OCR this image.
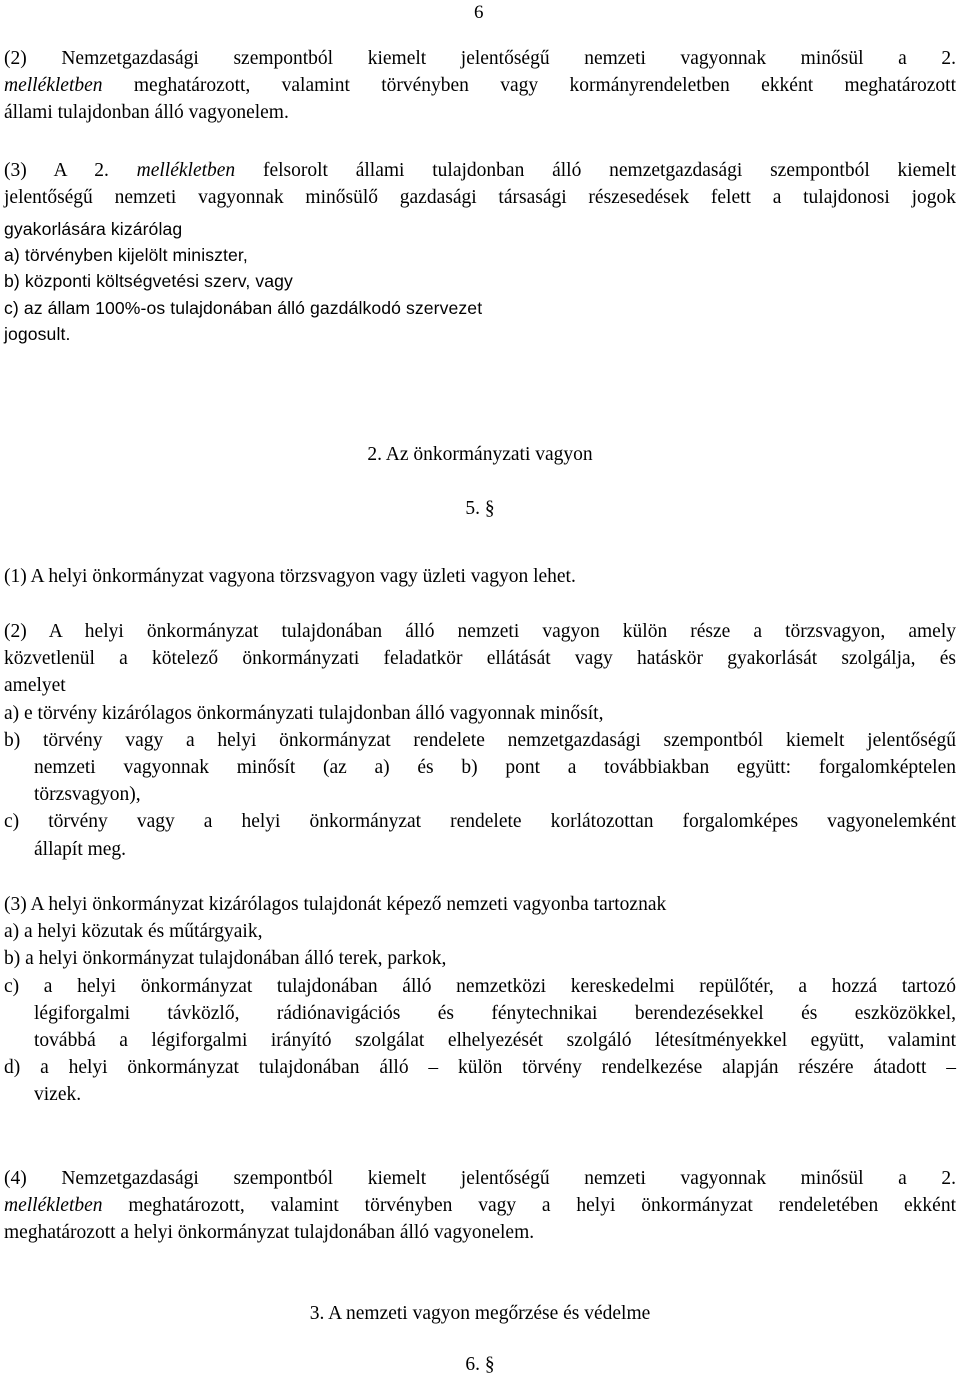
6
(2) Nemzetgazdasági szempontból kiemelt jelentőségű nemzeti vagyonnak minősül a 2.
mellékletben meghatározott, valamint törvényben vagy kormányrendeletben ekként meghatározott
állami tulajdonban álló vagyonelem.
(3) A 2. mellékletben felsorolt állami tulajdonban álló nemzetgazdasági szempontból kiemelt
jelentőségű nemzeti vagyonnak minősülő gazdasági társasági részesedések felett a tulajdonosi jogok
gyakorlására kizárólag
a) törvényben kijelölt miniszter,
b) központi költségvetési szerv, vagy
c) az állam 100%-os tulajdonában álló gazdálkodó szervezet
jogosult.
2. Az önkormányzati vagyon
5. §
(1) A helyi önkormányzat vagyona törzsvagyon vagy üzleti vagyon lehet.
(2) A helyi önkormányzat tulajdonában álló nemzeti vagyon külön része a törzsvagyon, amely
közvetlenül a kötelező önkormányzati feladatkör ellátását vagy hatáskör gyakorlását szolgálja, és
amelyet
a) e törvény kizárólagos önkormányzati tulajdonban álló vagyonnak minősít,
b) törvény vagy a helyi önkormányzat rendelete nemzetgazdasági szempontból kiemelt jelentőségű
nemzeti vagyonnak minősít (az a) és b) pont a továbbiakban együtt: forgalomképtelen
törzsvagyon),
c) törvény vagy a helyi önkormányzat rendelete korlátozottan forgalomképes vagyonelemként
állapít meg.
(3) A helyi önkormányzat kizárólagos tulajdonát képező nemzeti vagyonba tartoznak
a) a helyi közutak és műtárgyaik,
b) a helyi önkormányzat tulajdonában álló terek, parkok,
c) a helyi önkormányzat tulajdonában álló nemzetközi kereskedelmi repülőtér, a hozzá tartozó
légiforgalmi távközlő, rádiónavigációs és fénytechnikai berendezésekkel és eszközökkel,
továbbá a légiforgalmi irányító szolgálat elhelyezését szolgáló létesítményekkel együtt, valamint
d) a helyi önkormányzat tulajdonában álló – külön törvény rendelkezése alapján részére átadott –
vizek.
(4) Nemzetgazdasági szempontból kiemelt jelentőségű nemzeti vagyonnak minősül a 2.
mellékletben meghatározott, valamint törvényben vagy a helyi önkormányzat rendeletében ekként
meghatározott a helyi önkormányzat tulajdonában álló vagyonelem.
3. A nemzeti vagyon megőrzése és védelme
6. §
